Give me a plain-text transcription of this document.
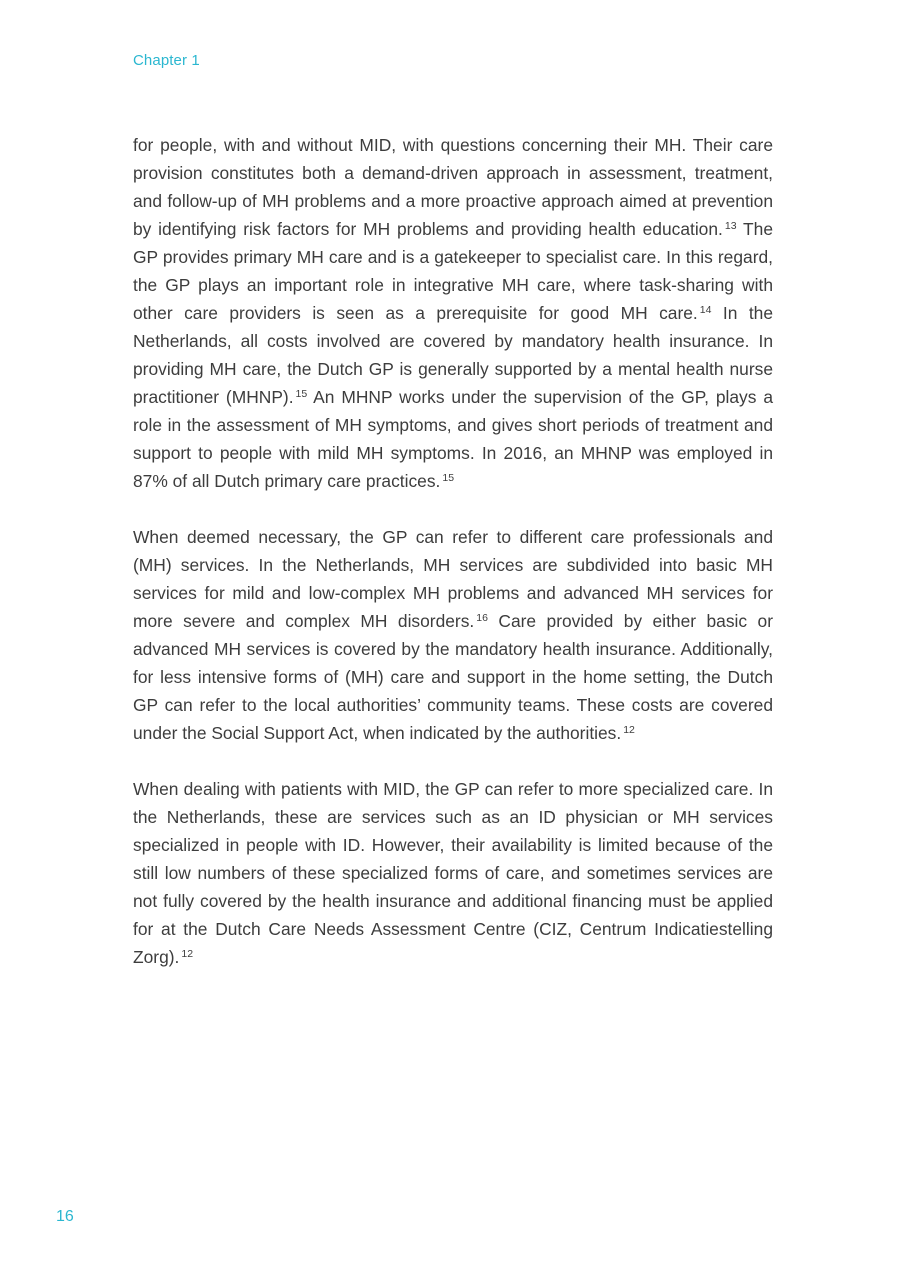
Chapter 1

for people, with and without MID, with questions concerning their MH. Their care provision constitutes both a demand-driven approach in assessment, treatment, and follow-up of MH problems and a more proactive approach aimed at prevention by identifying risk factors for MH problems and providing health education. $^{13}$ The GP provides primary MH care and is a gatekeeper to specialist care. In this regard, the GP plays an important role in integrative MH care, where task-sharing with other care providers is seen as a prerequisite for good MH care. $^{14}$ In the Netherlands, all costs involved are covered by mandatory health insurance. In providing MH care, the Dutch GP is generally supported by a mental health nurse practitioner (MHNP). $^{15}$ An MHNP works under the supervision of the GP, plays a role in the assessment of MH symptoms, and gives short periods of treatment and support to people with mild MH symptoms. In 2016, an MHNP was employed in 87% of all Dutch primary care practices. $^{15}$

When deemed necessary, the GP can refer to different care professionals and (MH) services. In the Netherlands, MH services are subdivided into basic MH services for mild and low-complex MH problems and advanced MH services for more severe and complex MH disorders. $^{16}$ Care provided by either basic or advanced MH services is covered by the mandatory health insurance. Additionally, for less intensive forms of (MH) care and support in the home setting, the Dutch GP can refer to the local authorities’ community teams. These costs are covered under the Social Support Act, when indicated by the authorities. $^{12}$

When dealing with patients with MID, the GP can refer to more specialized care. In the Netherlands, these are services such as an ID physician or MH services specialized in people with ID. However, their availability is limited because of the still low numbers of these specialized forms of care, and sometimes services are not fully covered by the health insurance and additional financing must be applied for at the Dutch Care Needs Assessment Centre (CIZ, Centrum Indicatiestelling Zorg). $^{12}$

16
